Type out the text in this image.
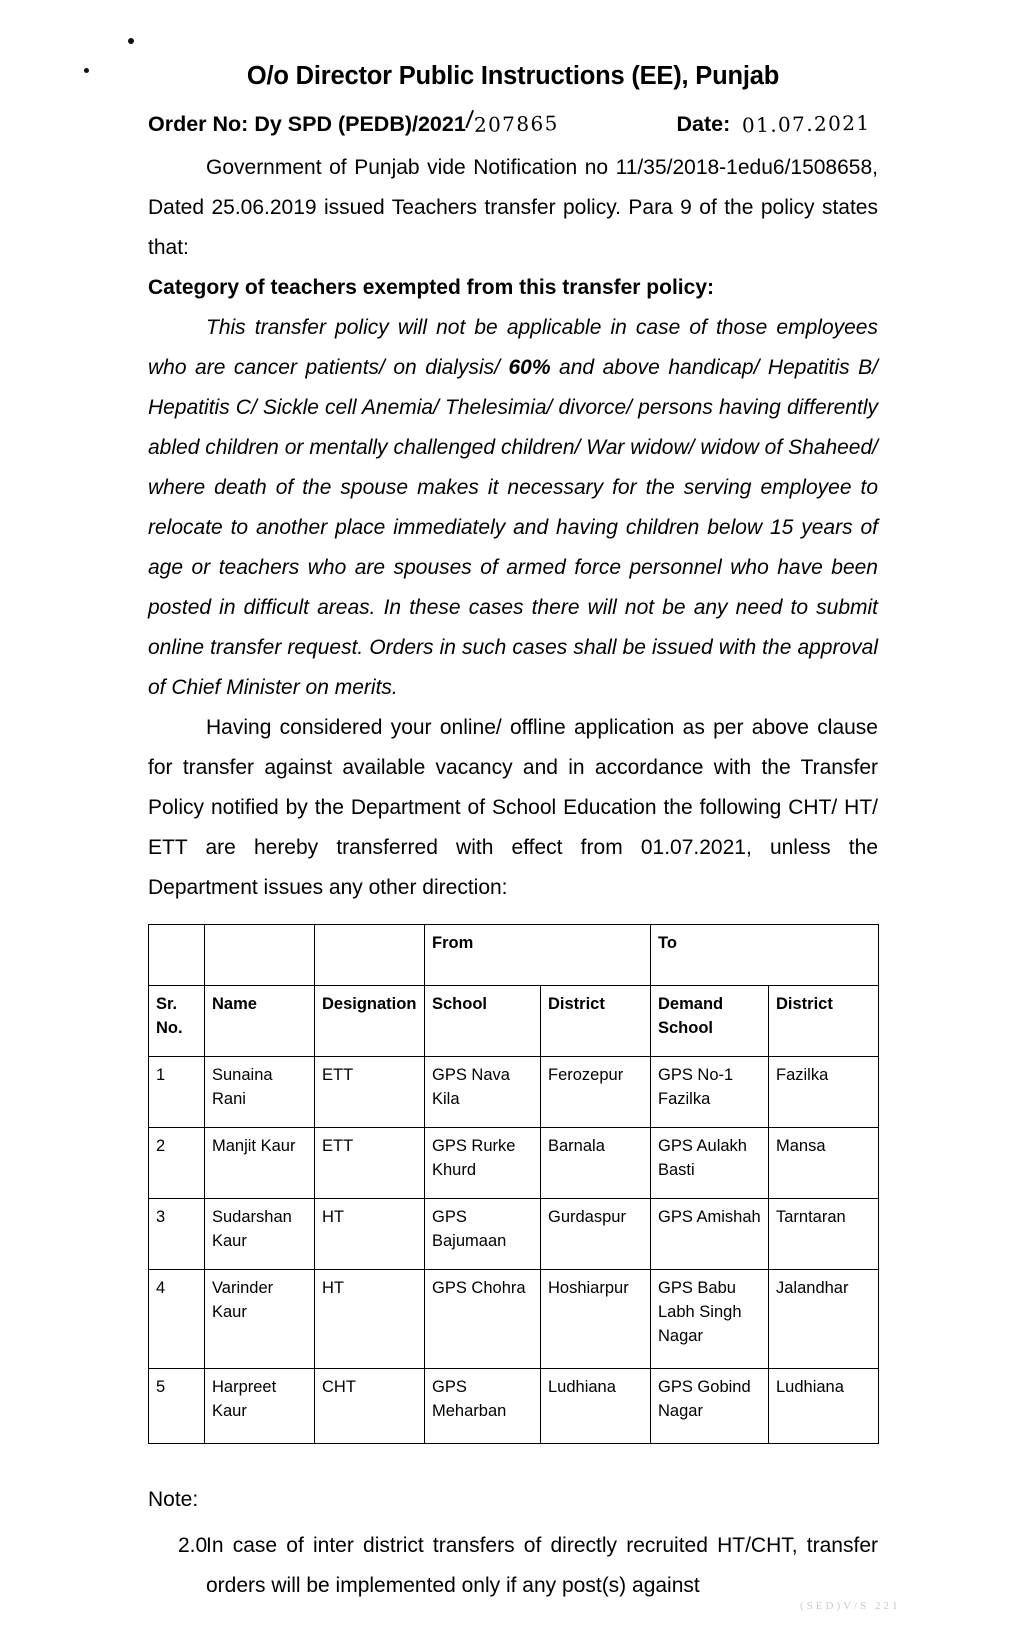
O/o Director Public Instructions (EE), Punjab
Order No: Dy SPD (PEDB)/2021
/ 207865	Date: 01.07.2021

Government of Punjab vide Notification no 11/35/2018-1edu6/1508658, Dated 25.06.2019 issued Teachers transfer policy. Para 9 of the policy states that:

Category of teachers exempted from this transfer policy:

This transfer policy will not be applicable in case of those employees who are cancer patients/ on dialysis/ 60% and above handicap/ Hepatitis B/ Hepatitis C/ Sickle cell Anemia/ Thelesimia/ divorce/ persons having differently abled children or mentally challenged children/ War widow/ widow of Shaheed/ where death of the spouse makes it necessary for the serving employee to relocate to another place immediately and having children below 15 years of age or teachers who are spouses of armed force personnel who have been posted in difficult areas. In these cases there will not be any need to submit online transfer request. Orders in such cases shall be issued with the approval of Chief Minister on merits.

Having considered your online/ offline application as per above clause for transfer against available vacancy and in accordance with the Transfer Policy notified by the Department of School Education the following CHT/ HT/ ETT are hereby transferred with effect from 01.07.2021, unless the Department issues any other direction:

			From		To	
Sr. No.	Name	Designation	School	District	Demand School	District
1	Sunaina Rani	ETT	GPS Nava Kila	Ferozepur	GPS No-1 Fazilka	Fazilka
2	Manjit Kaur	ETT	GPS Rurke Khurd	Barnala	GPS Aulakh Basti	Mansa
3	Sudarshan Kaur	HT	GPS Bajumaan	Gurdaspur	GPS Amishah	Tarntaran
4	Varinder Kaur	HT	GPS Chohra	Hoshiarpur	GPS Babu Labh Singh Nagar	Jalandhar
5	Harpreet Kaur	CHT	GPS Meharban	Ludhiana	GPS Gobind Nagar	Ludhiana

Note:

2.0
In case of inter district transfers of directly recruited HT/CHT, transfer orders will be implemented only if any post(s) against
(SED)V/S 221
